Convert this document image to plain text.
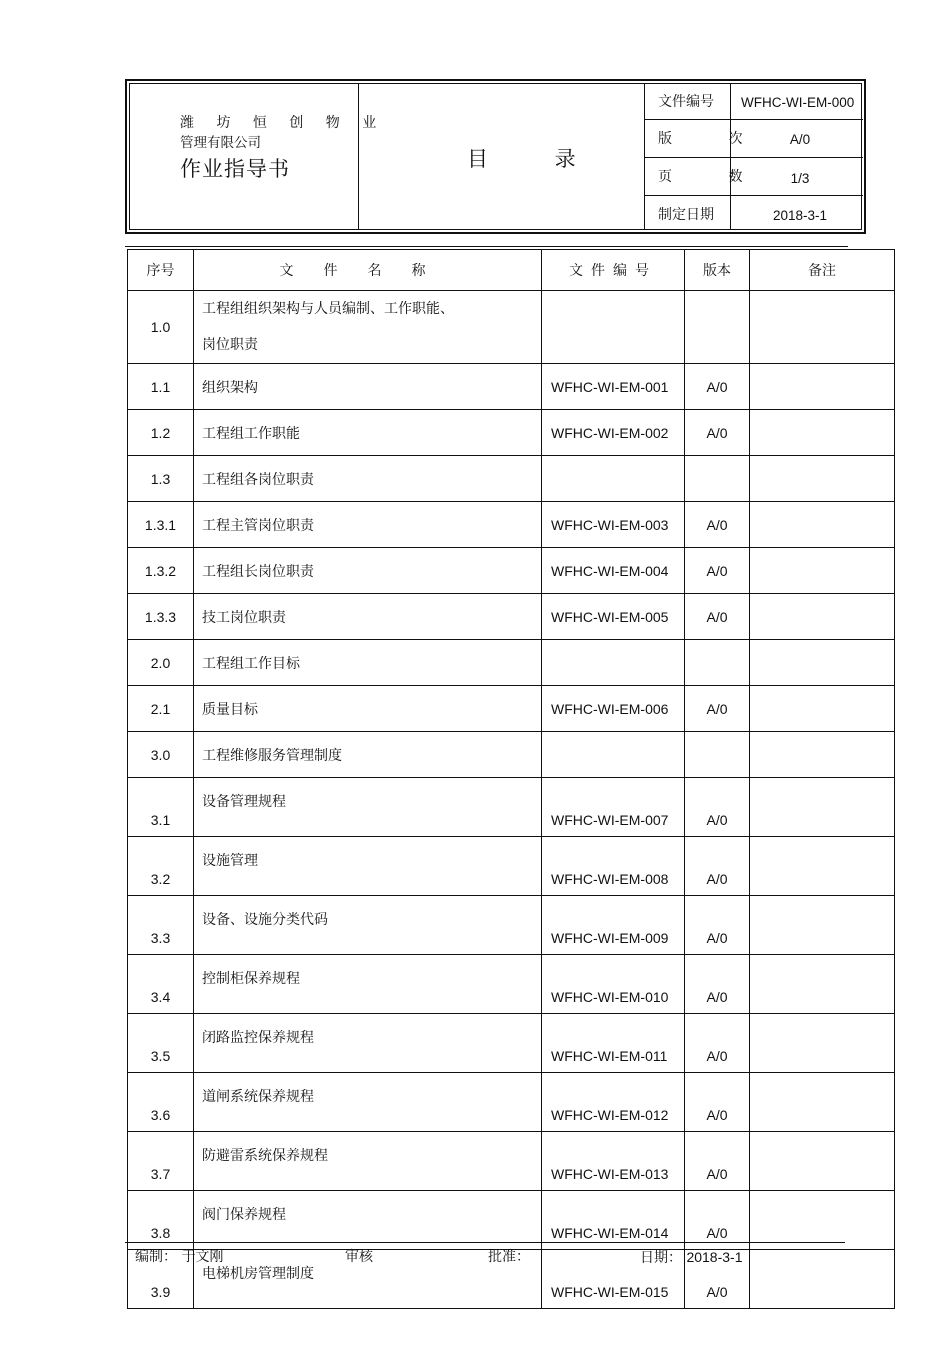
潍 坊 恒 创 物 业
管理有限公司
作业指导书	目 录
文件编号 WFHC-WI-EM-000
版 次	A/0
页 数	1/3
制定日期	2018-3-1
序号	文件名称	文件编号	版本	备注
1.0	工程组组织架构与人员编制、工作职能、
岗位职责			

1.1	组织架构	WFHC-WI-EM-001	A/0	
1.2	工程组工作职能	WFHC-WI-EM-002	A/0	
1.3	工程组各岗位职责			
1.3.1	工程主管岗位职责	WFHC-WI-EM-003	A/0	
1.3.2	工程组长岗位职责	WFHC-WI-EM-004	A/0	
1.3.3	技工岗位职责	WFHC-WI-EM-005	A/0	
2.0	工程组工作目标			
2.1	质量目标	WFHC-WI-EM-006	A/0	
3.0	工程维修服务管理制度			
3.1	设备管理规程	WFHC-WI-EM-007	A/0	
3.2	设施管理	WFHC-WI-EM-008	A/0	
3.3	设备、设施分类代码	WFHC-WI-EM-009	A/0	
3.4	控制柜保养规程	WFHC-WI-EM-010	A/0	
3.5	闭路监控保养规程	WFHC-WI-EM-011	A/0	
3.6	道闸系统保养规程	WFHC-WI-EM-012	A/0	
3.7	防避雷系统保养规程	WFHC-WI-EM-013	A/0	
3.8	阀门保养规程	WFHC-WI-EM-014	A/0	
3.9	电梯机房管理制度	WFHC-WI-EM-015	A/0	
编制： 于文刚	审核	批准：	日期： 2018-3-1
